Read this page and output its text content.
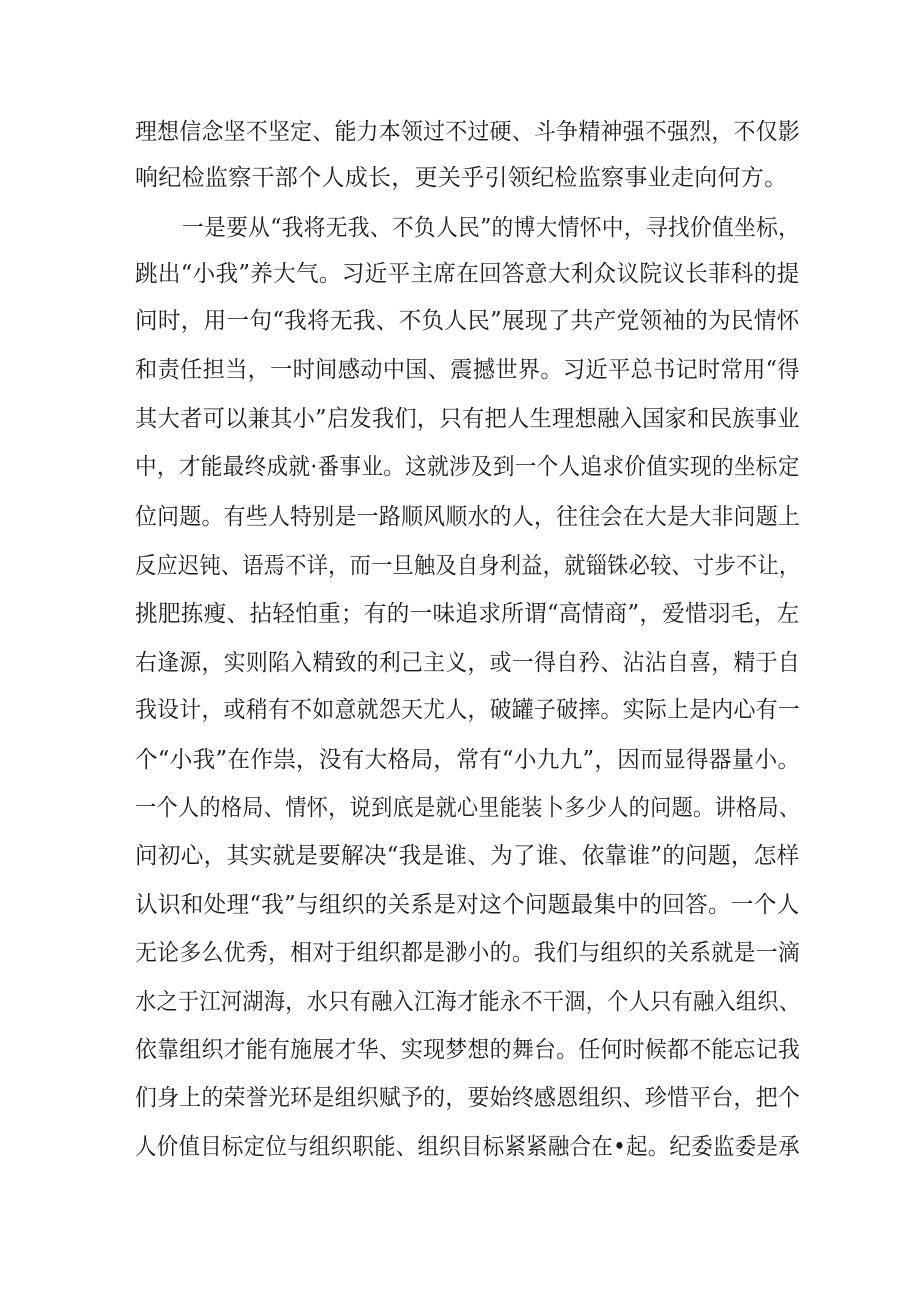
理想信念坚不坚定、能力本领过不过硬、斗争精神强不强烈，不仅影
响纪检监察干部个人成长，更关乎引领纪检监察事业走向何方。
一是要从“我将无我、不负人民”的博大情怀中，寻找价值坐标，
跳出“小我”养大气。习近平主席在回答意大利众议院议长菲科的提
问时，用一句“我将无我、不负人民”展现了共产党领袖的为民情怀
和责任担当，一时间感动中国、震撼世界。习近平总书记时常用“得
其大者可以兼其小”启发我们，只有把人生理想融入国家和民族事业
中，才能最终成就·番事业。这就涉及到一个人追求价值实现的坐标定
位问题。有些人特别是一路顺风顺水的人，往往会在大是大非问题上
反应迟钝、语焉不详，而一旦触及自身利益，就锱铢必较、寸步不让，
挑肥拣瘦、拈轻怕重；有的一味追求所谓“高情商”，爱惜羽毛，左
右逢源，实则陷入精致的利己主义，或一得自矜、沾沾自喜，精于自
我设计，或稍有不如意就怨天尤人，破罐子破摔。实际上是内心有一
个“小我”在作祟，没有大格局，常有“小九九”，因而显得器量小。
一个人的格局、情怀，说到底是就心里能装卜多少人的问题。讲格局、
问初心，其实就是要解决“我是谁、为了谁、依靠谁”的问题，怎样
认识和处理“我”与组织的关系是对这个问题最集中的回答。一个人
无论多么优秀，相对于组织都是渺小的。我们与组织的关系就是一滴
水之于江河湖海，水只有融入江海才能永不干涸，个人只有融入组织、
依靠组织才能有施展才华、实现梦想的舞台。任何时候都不能忘记我
们身上的荣誉光环是组织赋予的，要始终感恩组织、珍惜平台，把个
人价值目标定位与组织职能、组织目标紧紧融合在•起。纪委监委是承
